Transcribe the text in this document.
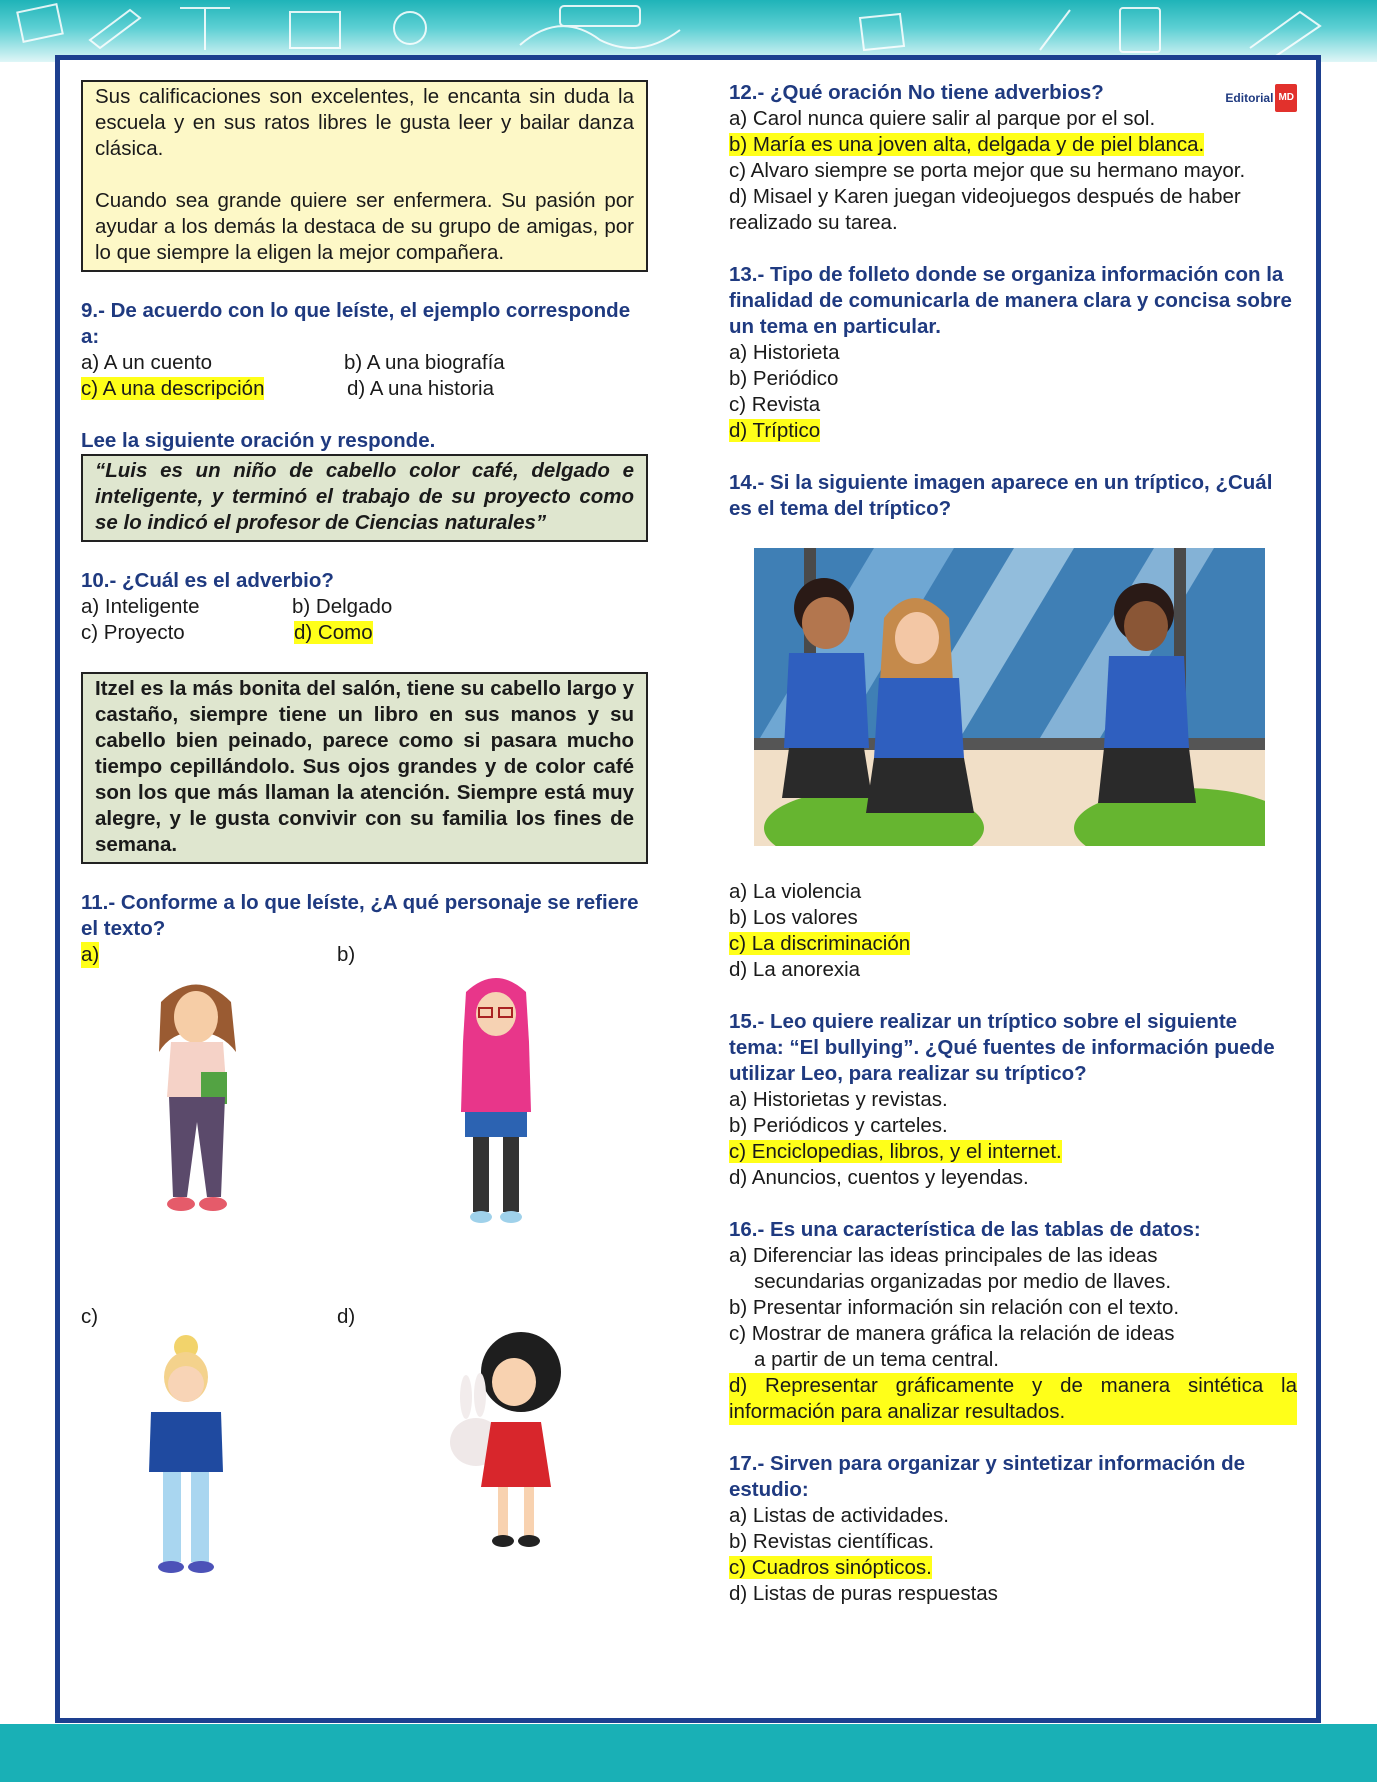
Sus calificaciones son excelentes, le encanta sin duda la escuela y en sus ratos libres le gusta leer y bailar danza clásica.

Cuando sea grande quiere ser enfermera. Su pasión por ayudar a los demás la destaca de su grupo de amigas, por lo que siempre la eligen la mejor compañera.

9.- De acuerdo con lo que leíste, el ejemplo corresponde a:

a) A un cuento	b) A una biografía
c) A una descripción	d) A una historia

Lee la siguiente oración y responde.

“Luis es un niño de cabello color café, delgado e inteligente, y terminó el trabajo de su proyecto como se lo indicó el profesor de Ciencias naturales”

10.- ¿Cuál es el adverbio?

a) Inteligente	b) Delgado
c) Proyecto	d) Como

Itzel es la más bonita del salón, tiene su cabello largo y castaño, siempre tiene un libro en sus manos y su cabello bien peinado, parece como si pasara mucho tiempo cepillándolo. Sus ojos grandes y de color café son los que más llaman la atención. Siempre está muy alegre, y le gusta convivir con su familia los fines de semana.

11.- Conforme a lo que leíste, ¿A qué personaje se refiere el texto?

a)	b)
c)	d)
Editorial MD

12.- ¿Qué oración No tiene adverbios?

a) Carol nunca quiere salir al parque por el sol.

b) María es una joven alta, delgada y de piel blanca.

c) Alvaro siempre se porta mejor que su hermano mayor.

d) Misael y Karen juegan videojuegos después de haber realizado su tarea.

13.- Tipo de folleto donde se organiza información con la finalidad de comunicarla de manera clara y concisa sobre un tema en particular.

a) Historieta

b) Periódico

c) Revista

d) Tríptico

14.- Si la siguiente imagen aparece en un tríptico, ¿Cuál es el tema del tríptico?

a) La violencia

b) Los valores

c) La discriminación

d) La anorexia

15.- Leo quiere realizar un tríptico sobre el siguiente tema: “El bullying”. ¿Qué fuentes de información puede utilizar Leo, para realizar su tríptico?

a) Historietas y revistas.

b) Periódicos y carteles.

c) Enciclopedias, libros, y el internet.

d) Anuncios, cuentos y leyendas.

16.- Es una característica de las tablas de datos:

a) Diferenciar las ideas principales de las ideas

secundarias organizadas por medio de llaves.

b) Presentar información sin relación con el texto.

c) Mostrar de manera gráfica la relación de ideas

a partir de un tema central.

d) Representar gráficamente y de manera sintética la información para analizar resultados.

17.- Sirven para organizar y sintetizar información de estudio:

a) Listas de actividades.

b) Revistas científicas.

c) Cuadros sinópticos.

d) Listas de puras respuestas
